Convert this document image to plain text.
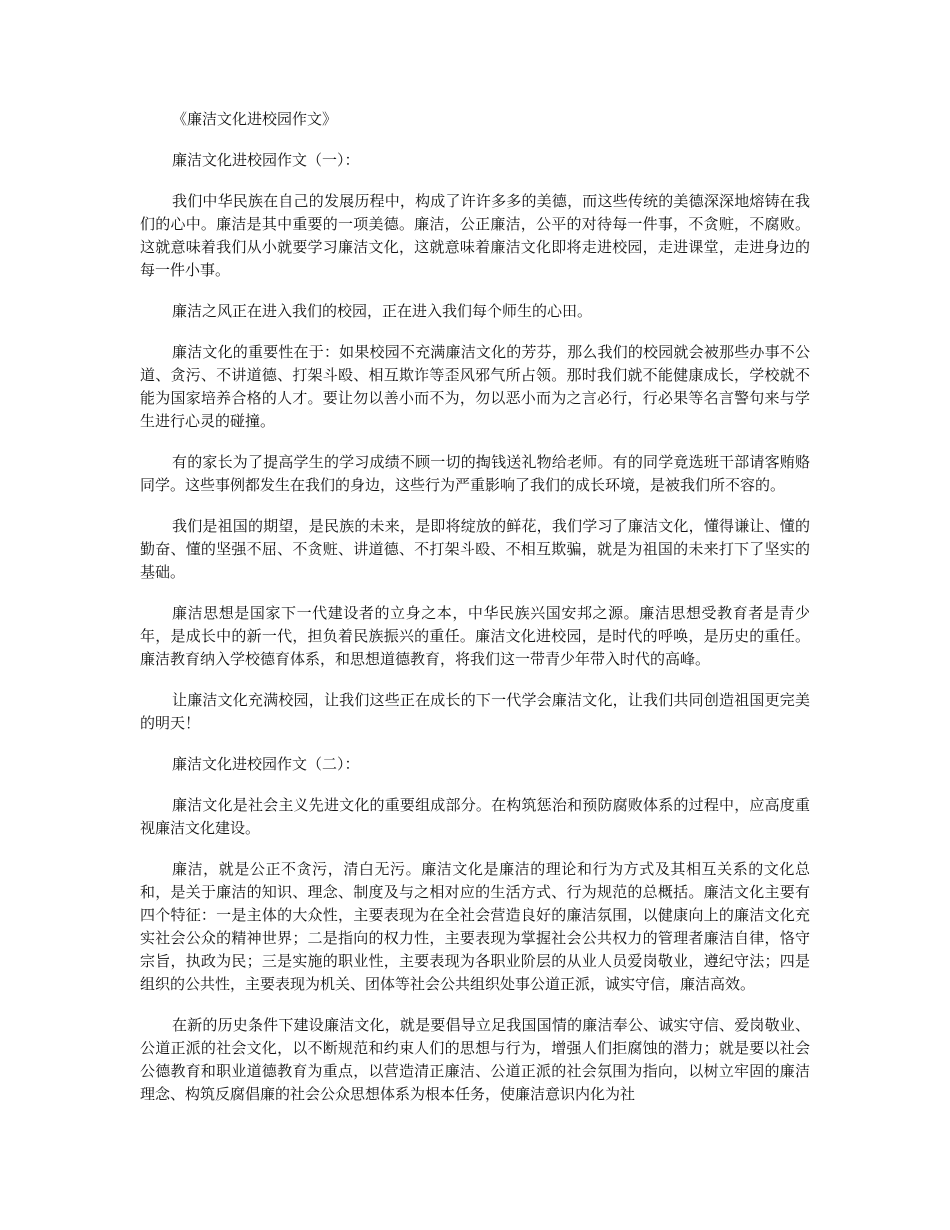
《廉洁文化进校园作文》

廉洁文化进校园作文（一）：

我们中华民族在自己的发展历程中，构成了许许多多的美德，而这些传统的美德深深地熔铸在我们的心中。廉洁是其中重要的一项美德。廉洁，公正廉洁，公平的对待每一件事，不贪赃，不腐败。这就意味着我们从小就要学习廉洁文化，这就意味着廉洁文化即将走进校园，走进课堂，走进身边的每一件小事。

廉洁之风正在进入我们的校园，正在进入我们每个师生的心田。

廉洁文化的重要性在于：如果校园不充满廉洁文化的芳芬，那么我们的校园就会被那些办事不公道、贪污、不讲道德、打架斗殴、相互欺诈等歪风邪气所占领。那时我们就不能健康成长，学校就不能为国家培养合格的人才。要让勿以善小而不为，勿以恶小而为之言必行，行必果等名言警句来与学生进行心灵的碰撞。

有的家长为了提高学生的学习成绩不顾一切的掏钱送礼物给老师。有的同学竟选班干部请客贿赂同学。这些事例都发生在我们的身边，这些行为严重影响了我们的成长环境，是被我们所不容的。

我们是祖国的期望，是民族的未来，是即将绽放的鲜花，我们学习了廉洁文化，懂得谦让、懂的勤奋、懂的坚强不屈、不贪赃、讲道德、不打架斗殴、不相互欺骗，就是为祖国的未来打下了坚实的基础。

廉洁思想是国家下一代建设者的立身之本，中华民族兴国安邦之源。廉洁思想受教育者是青少年，是成长中的新一代，担负着民族振兴的重任。廉洁文化进校园，是时代的呼唤，是历史的重任。廉洁教育纳入学校德育体系，和思想道德教育，将我们这一带青少年带入时代的高峰。

让廉洁文化充满校园，让我们这些正在成长的下一代学会廉洁文化，让我们共同创造祖国更完美的明天！

廉洁文化进校园作文（二）：

廉洁文化是社会主义先进文化的重要组成部分。在构筑惩治和预防腐败体系的过程中，应高度重视廉洁文化建设。

廉洁，就是公正不贪污，清白无污。廉洁文化是廉洁的理论和行为方式及其相互关系的文化总和，是关于廉洁的知识、理念、制度及与之相对应的生活方式、行为规范的总概括。廉洁文化主要有四个特征：一是主体的大众性，主要表现为在全社会营造良好的廉洁氛围，以健康向上的廉洁文化充实社会公众的精神世界；二是指向的权力性，主要表现为掌握社会公共权力的管理者廉洁自律，恪守宗旨，执政为民；三是实施的职业性，主要表现为各职业阶层的从业人员爱岗敬业，遵纪守法；四是组织的公共性，主要表现为机关、团体等社会公共组织处事公道正派，诚实守信，廉洁高效。

在新的历史条件下建设廉洁文化，就是要倡导立足我国国情的廉洁奉公、诚实守信、爱岗敬业、公道正派的社会文化，以不断规范和约束人们的思想与行为，增强人们拒腐蚀的潜力；就是要以社会公德教育和职业道德教育为重点，以营造清正廉洁、公道正派的社会氛围为指向，以树立牢固的廉洁理念、构筑反腐倡廉的社会公众思想体系为根本任务，使廉洁意识内化为社
